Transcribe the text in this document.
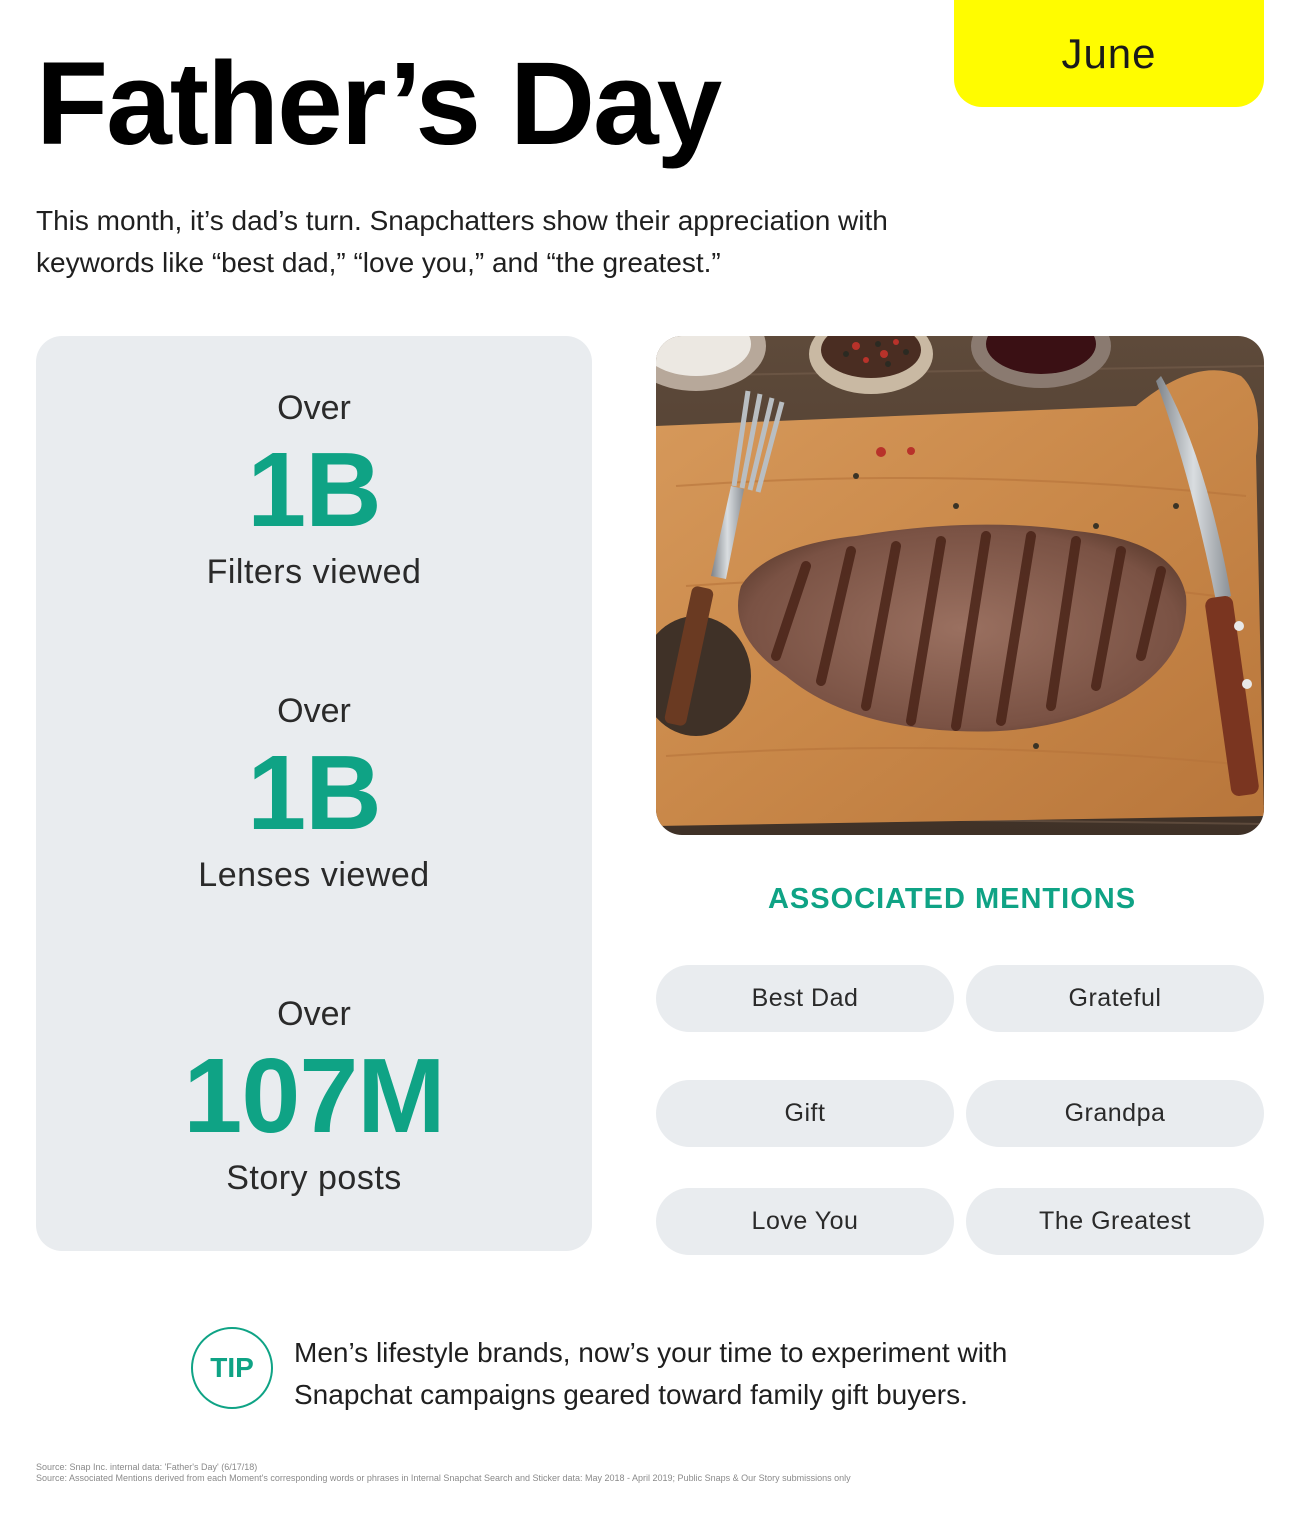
June
Father’s Day

This month, it’s dad’s turn. Snapchatters show their appreciation with keywords like “best dad,” “love you,” and “the greatest.”

Over
1B
Filters viewed
Over
1B
Lenses viewed
Over
107M
Story posts
ASSOCIATED MENTIONS
Best Dad	Grateful
Gift	Grandpa
Love You	The Greatest
TIP	Men’s lifestyle brands, now’s your time to experiment with Snapchat campaigns geared toward family gift buyers.

Source: Snap Inc. internal data: 'Father's Day' (6/17/18)

Source: Associated Mentions derived from each Moment's corresponding words or phrases in Internal Snapchat Search and Sticker data: May 2018 - April 2019; Public Snaps & Our Story submissions only
